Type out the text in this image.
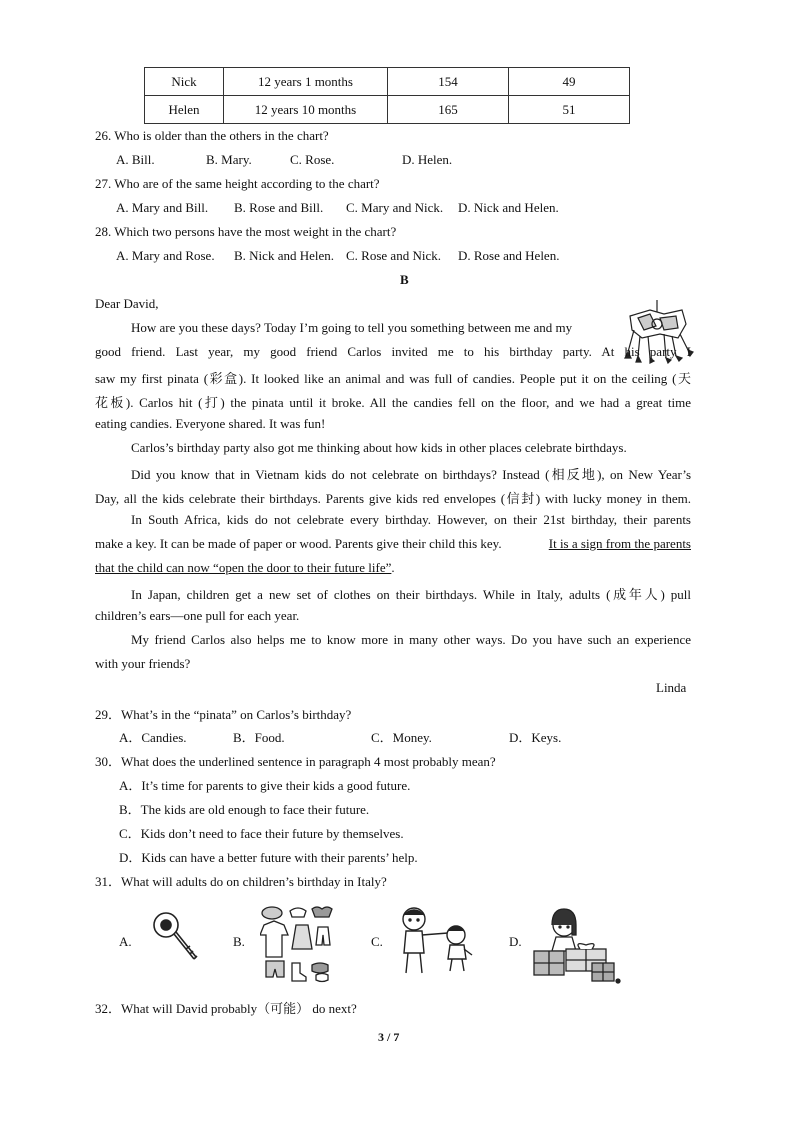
Nick	12 years 1 months	154	49
Helen	12 years 10 months	165	51
26. Who is older than the others in the chart?
A. Bill.	B. Mary.	C. Rose.	D. Helen.
27. Who are of the same height according to the chart?
A. Mary and Bill. B. Rose and Bill. C. Mary and Nick. D. Nick and Helen.
28. Which two persons have the most weight in the chart?
A. Mary and Rose. B. Nick and Helen. C. Rose and Nick. D. Rose and Helen.
B
Dear David,
How are you these days? Today I’m going to tell you something between me and my
good friend. Last year, my good friend Carlos invited me to his birthday party. At his party I
saw my first pinata (彩盒). It looked like an animal and was full of candies. People put it on the ceiling (天
花板). Carlos hit (打) the pinata until it broke. All the candies fell on the floor, and we had a great time
eating candies. Everyone shared. It was fun!
Carlos’s birthday party also got me thinking about how kids in other places celebrate birthdays.
Did you know that in Vietnam kids do not celebrate on birthdays? Instead (相反地), on New Year’s
Day, all the kids celebrate their birthdays. Parents give kids red envelopes (信封) with lucky money in them.
In South Africa, kids do not celebrate every birthday. However, on their 21st birthday, their parents
make a key. It can be made of paper or wood. Parents give their child this key.	It is a sign from the parents
that the child can now “open the door to their future life”.
In Japan, children get a new set of clothes on their birthdays. While in Italy, adults (成年人) pull
children’s ears—one pull for each year.
My friend Carlos also helps me to know more in many other ways. Do you have such an experience
with your friends?
Linda
29．What’s in the “pinata” on Carlos’s birthday?
A．Candies.	B．Food.	C．Money.	D．Keys.
30．What does the underlined sentence in paragraph 4 most probably mean?
A．It’s time for parents to give their kids a good future.
B．The kids are old enough to face their future.
C．Kids don’t need to face their future by themselves.
D．Kids can have a better future with their parents’ help.
31．What will adults do on children’s birthday in Italy?
A.	B.	C.	D.
32．What will David probably（可能） do next?
3 / 7
